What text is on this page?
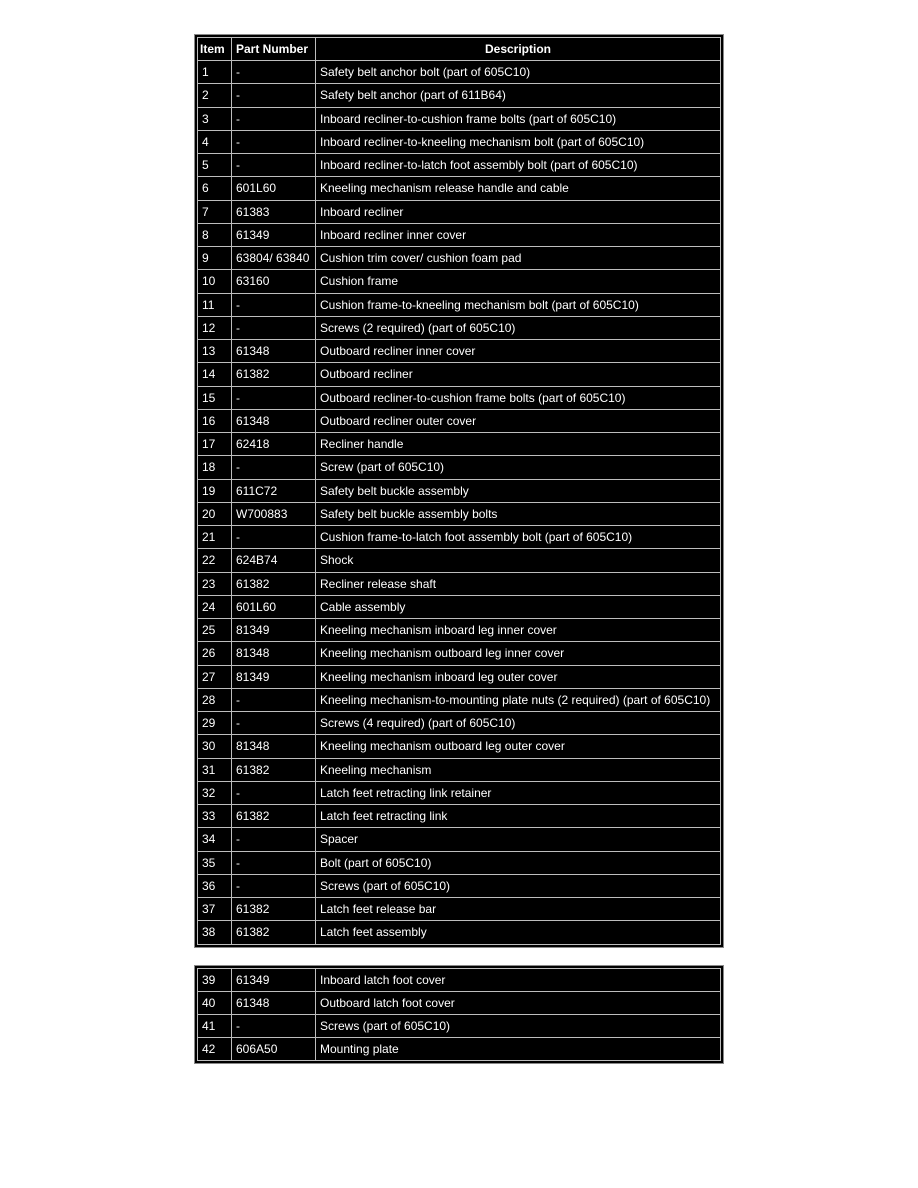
Item	Part Number	Description
1	-	Safety belt anchor bolt (part of 605C10)
2	-	Safety belt anchor (part of 611B64)
3	-	Inboard recliner-to-cushion frame bolts (part of 605C10)
4	-	Inboard recliner-to-kneeling mechanism bolt (part of 605C10)
5	-	Inboard recliner-to-latch foot assembly bolt (part of 605C10)
6	601L60	Kneeling mechanism release handle and cable
7	61383	Inboard recliner
8	61349	Inboard recliner inner cover
9	63804/ 63840	Cushion trim cover/ cushion foam pad
10	63160	Cushion frame
11	-	Cushion frame-to-kneeling mechanism bolt (part of 605C10)
12	-	Screws (2 required) (part of 605C10)
13	61348	Outboard recliner inner cover
14	61382	Outboard recliner
15	-	Outboard recliner-to-cushion frame bolts (part of 605C10)
16	61348	Outboard recliner outer cover
17	62418	Recliner handle
18	-	Screw (part of 605C10)
19	611C72	Safety belt buckle assembly
20	W700883	Safety belt buckle assembly bolts
21	-	Cushion frame-to-latch foot assembly bolt (part of 605C10)
22	624B74	Shock
23	61382	Recliner release shaft
24	601L60	Cable assembly
25	81349	Kneeling mechanism inboard leg inner cover
26	81348	Kneeling mechanism outboard leg inner cover
27	81349	Kneeling mechanism inboard leg outer cover
28	-	Kneeling mechanism-to-mounting plate nuts (2 required) (part of 605C10)
29	-	Screws (4 required) (part of 605C10)
30	81348	Kneeling mechanism outboard leg outer cover
31	61382	Kneeling mechanism
32	-	Latch feet retracting link retainer
33	61382	Latch feet retracting link
34	-	Spacer
35	-	Bolt (part of 605C10)
36	-	Screws (part of 605C10)
37	61382	Latch feet release bar
38	61382	Latch feet assembly
39	61349	Inboard latch foot cover
40	61348	Outboard latch foot cover
41	-	Screws (part of 605C10)
42	606A50	Mounting plate
